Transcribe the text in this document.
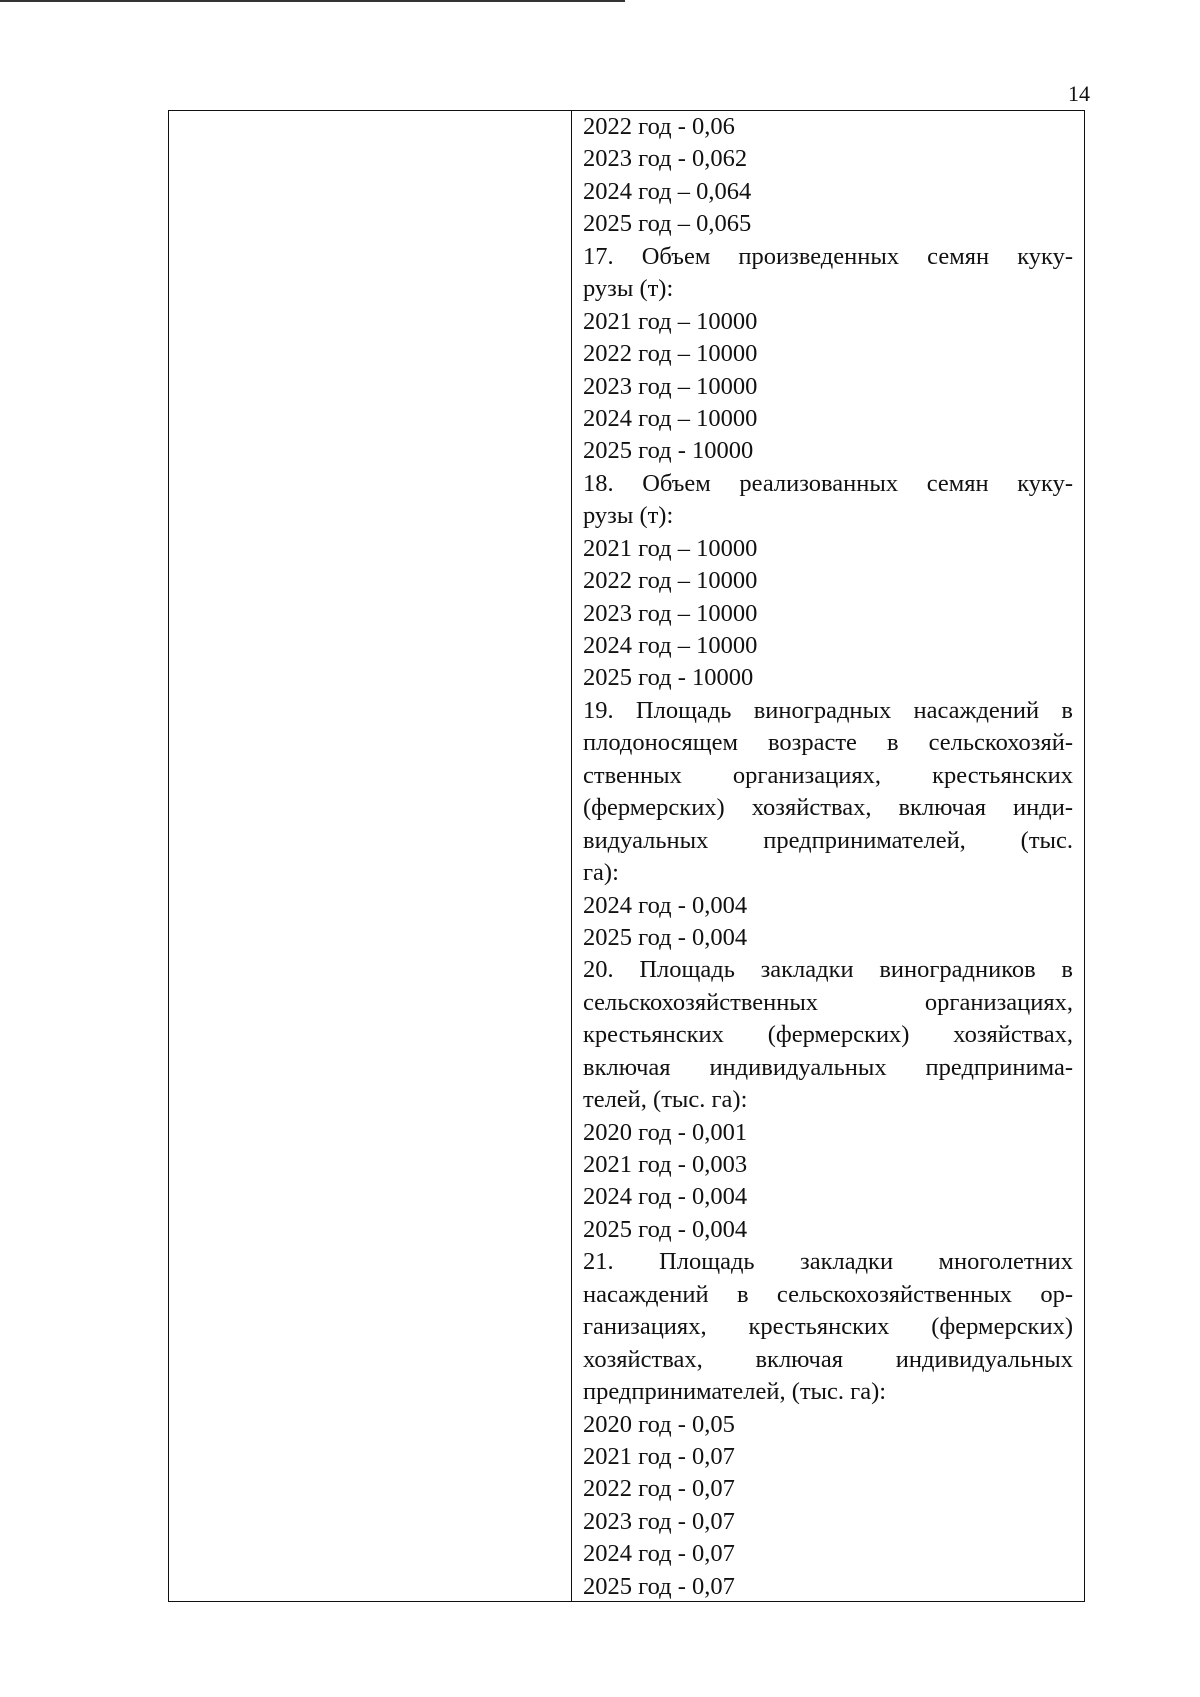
14
2022 год - 0,06
2023 год - 0,062
2024 год – 0,064
2025 год – 0,065
17. Объем произведенных семян куку-
рузы (т):
2021 год – 10000
2022 год – 10000
2023 год – 10000
2024 год – 10000
2025 год - 10000
18. Объем реализованных семян куку-
рузы (т):
2021 год – 10000
2022 год – 10000
2023 год – 10000
2024 год – 10000
2025 год - 10000
19. Площадь виноградных насаждений в
плодоносящем возрасте в сельскохозяй-
ственных организациях, крестьянских
(фермерских) хозяйствах, включая инди-
видуальных предпринимателей, (тыс.
га):
2024 год - 0,004
2025 год - 0,004
20. Площадь закладки виноградников в
сельскохозяйственных организациях,
крестьянских (фермерских) хозяйствах,
включая индивидуальных предпринима-
телей, (тыс. га):
2020 год - 0,001
2021 год - 0,003
2024 год - 0,004
2025 год - 0,004
21. Площадь закладки многолетних
насаждений в сельскохозяйственных ор-
ганизациях, крестьянских (фермерских)
хозяйствах, включая индивидуальных
предпринимателей, (тыс. га):
2020 год - 0,05
2021 год - 0,07
2022 год - 0,07
2023 год - 0,07
2024 год - 0,07
2025 год - 0,07
